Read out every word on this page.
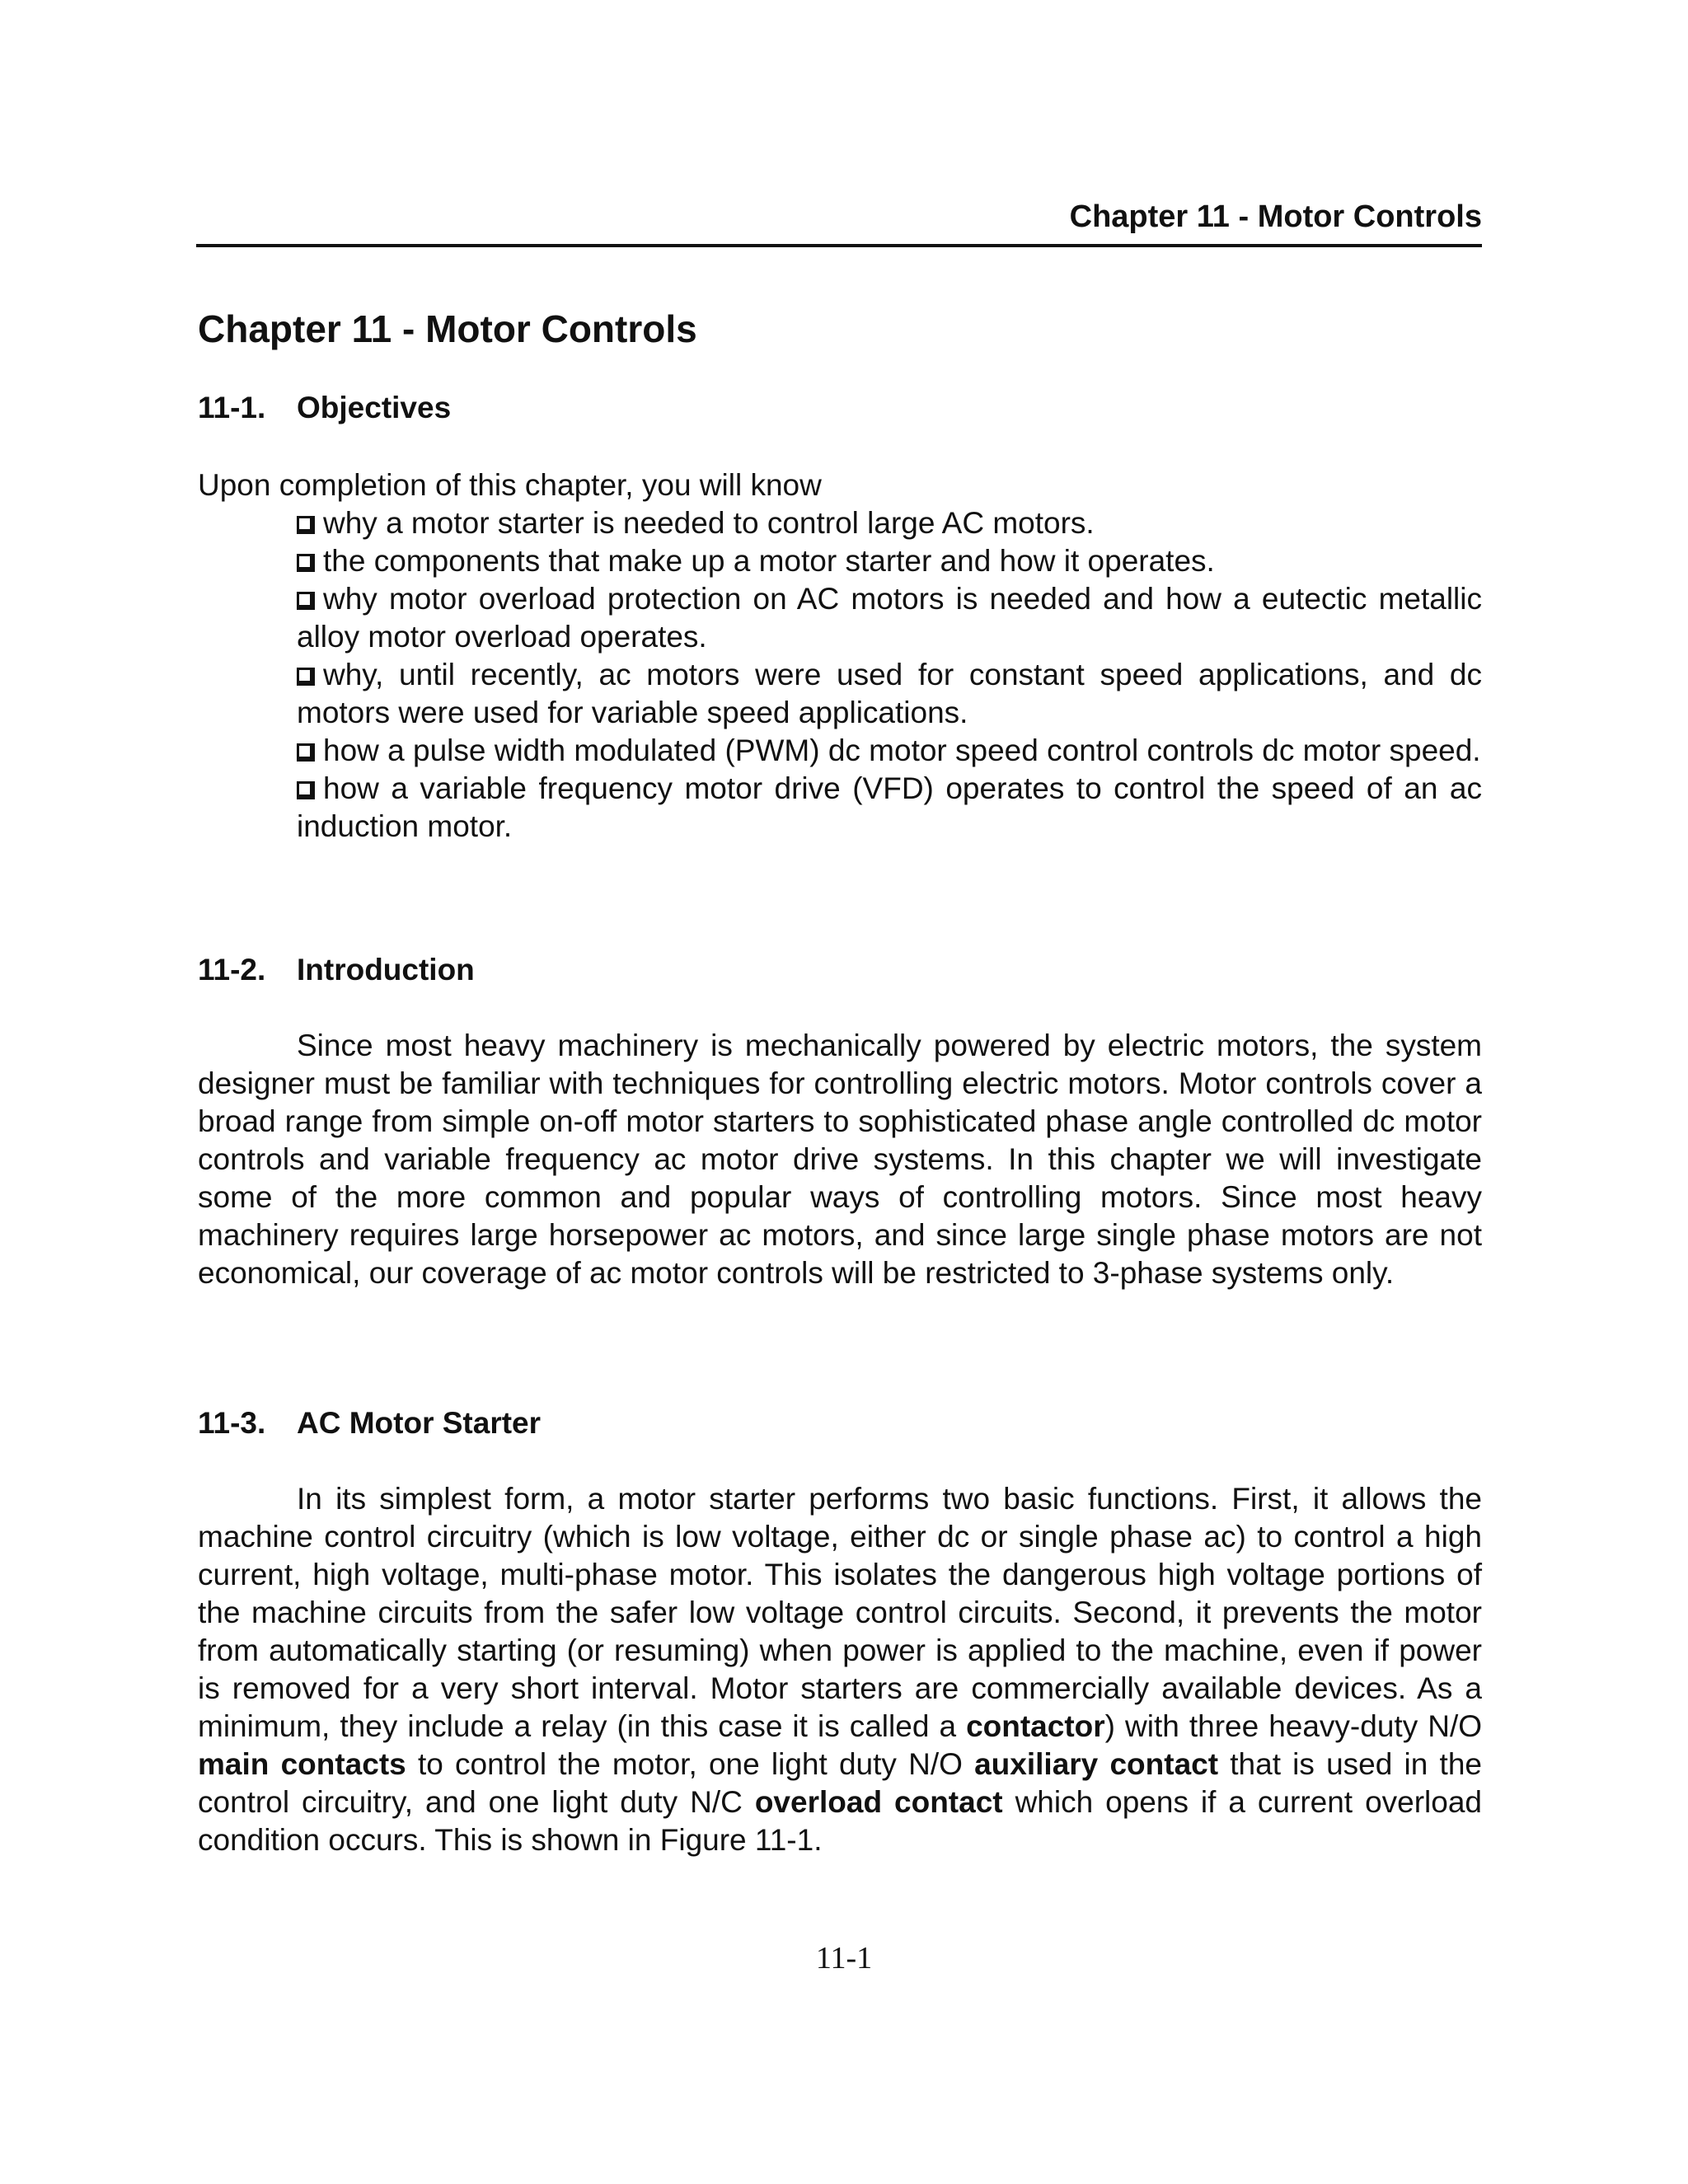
Chapter 11 - Motor Controls
Chapter 11 - Motor Controls
11-1. Objectives
Upon completion of this chapter, you will know
why a motor starter is needed to control large AC motors.
the components that make up a motor starter and how it operates.
why motor overload protection on AC motors is needed and how a eutectic metallic alloy motor overload operates.
why, until recently, ac motors were used for constant speed applications, and dc motors were used for variable speed applications.
how a pulse width modulated (PWM) dc motor speed control controls dc motor speed.
how a variable frequency motor drive (VFD) operates to control the speed of an ac induction motor.
11-2. Introduction

Since most heavy machinery is mechanically powered by electric motors, the system designer must be familiar with techniques for controlling electric motors. Motor controls cover a broad range from simple on-off motor starters to sophisticated phase angle controlled dc motor controls and variable frequency ac motor drive systems. In this chapter we will investigate some of the more common and popular ways of controlling motors. Since most heavy machinery requires large horsepower ac motors, and since large single phase motors are not economical, our coverage of ac motor controls will be restricted to 3-phase systems only.

11-3. AC Motor Starter

In its simplest form, a motor starter performs two basic functions. First, it allows the machine control circuitry (which is low voltage, either dc or single phase ac) to control a high current, high voltage, multi-phase motor. This isolates the dangerous high voltage portions of the machine circuits from the safer low voltage control circuits. Second, it prevents the motor from automatically starting (or resuming) when power is applied to the machine, even if power is removed for a very short interval. Motor starters are commercially available devices. As a minimum, they include a relay (in this case it is called a contactor) with three heavy-duty N/O main contacts to control the motor, one light duty N/O auxiliary contact that is used in the control circuitry, and one light duty N/C overload contact which opens if a current overload condition occurs. This is shown in Figure 11-1.

11-1
